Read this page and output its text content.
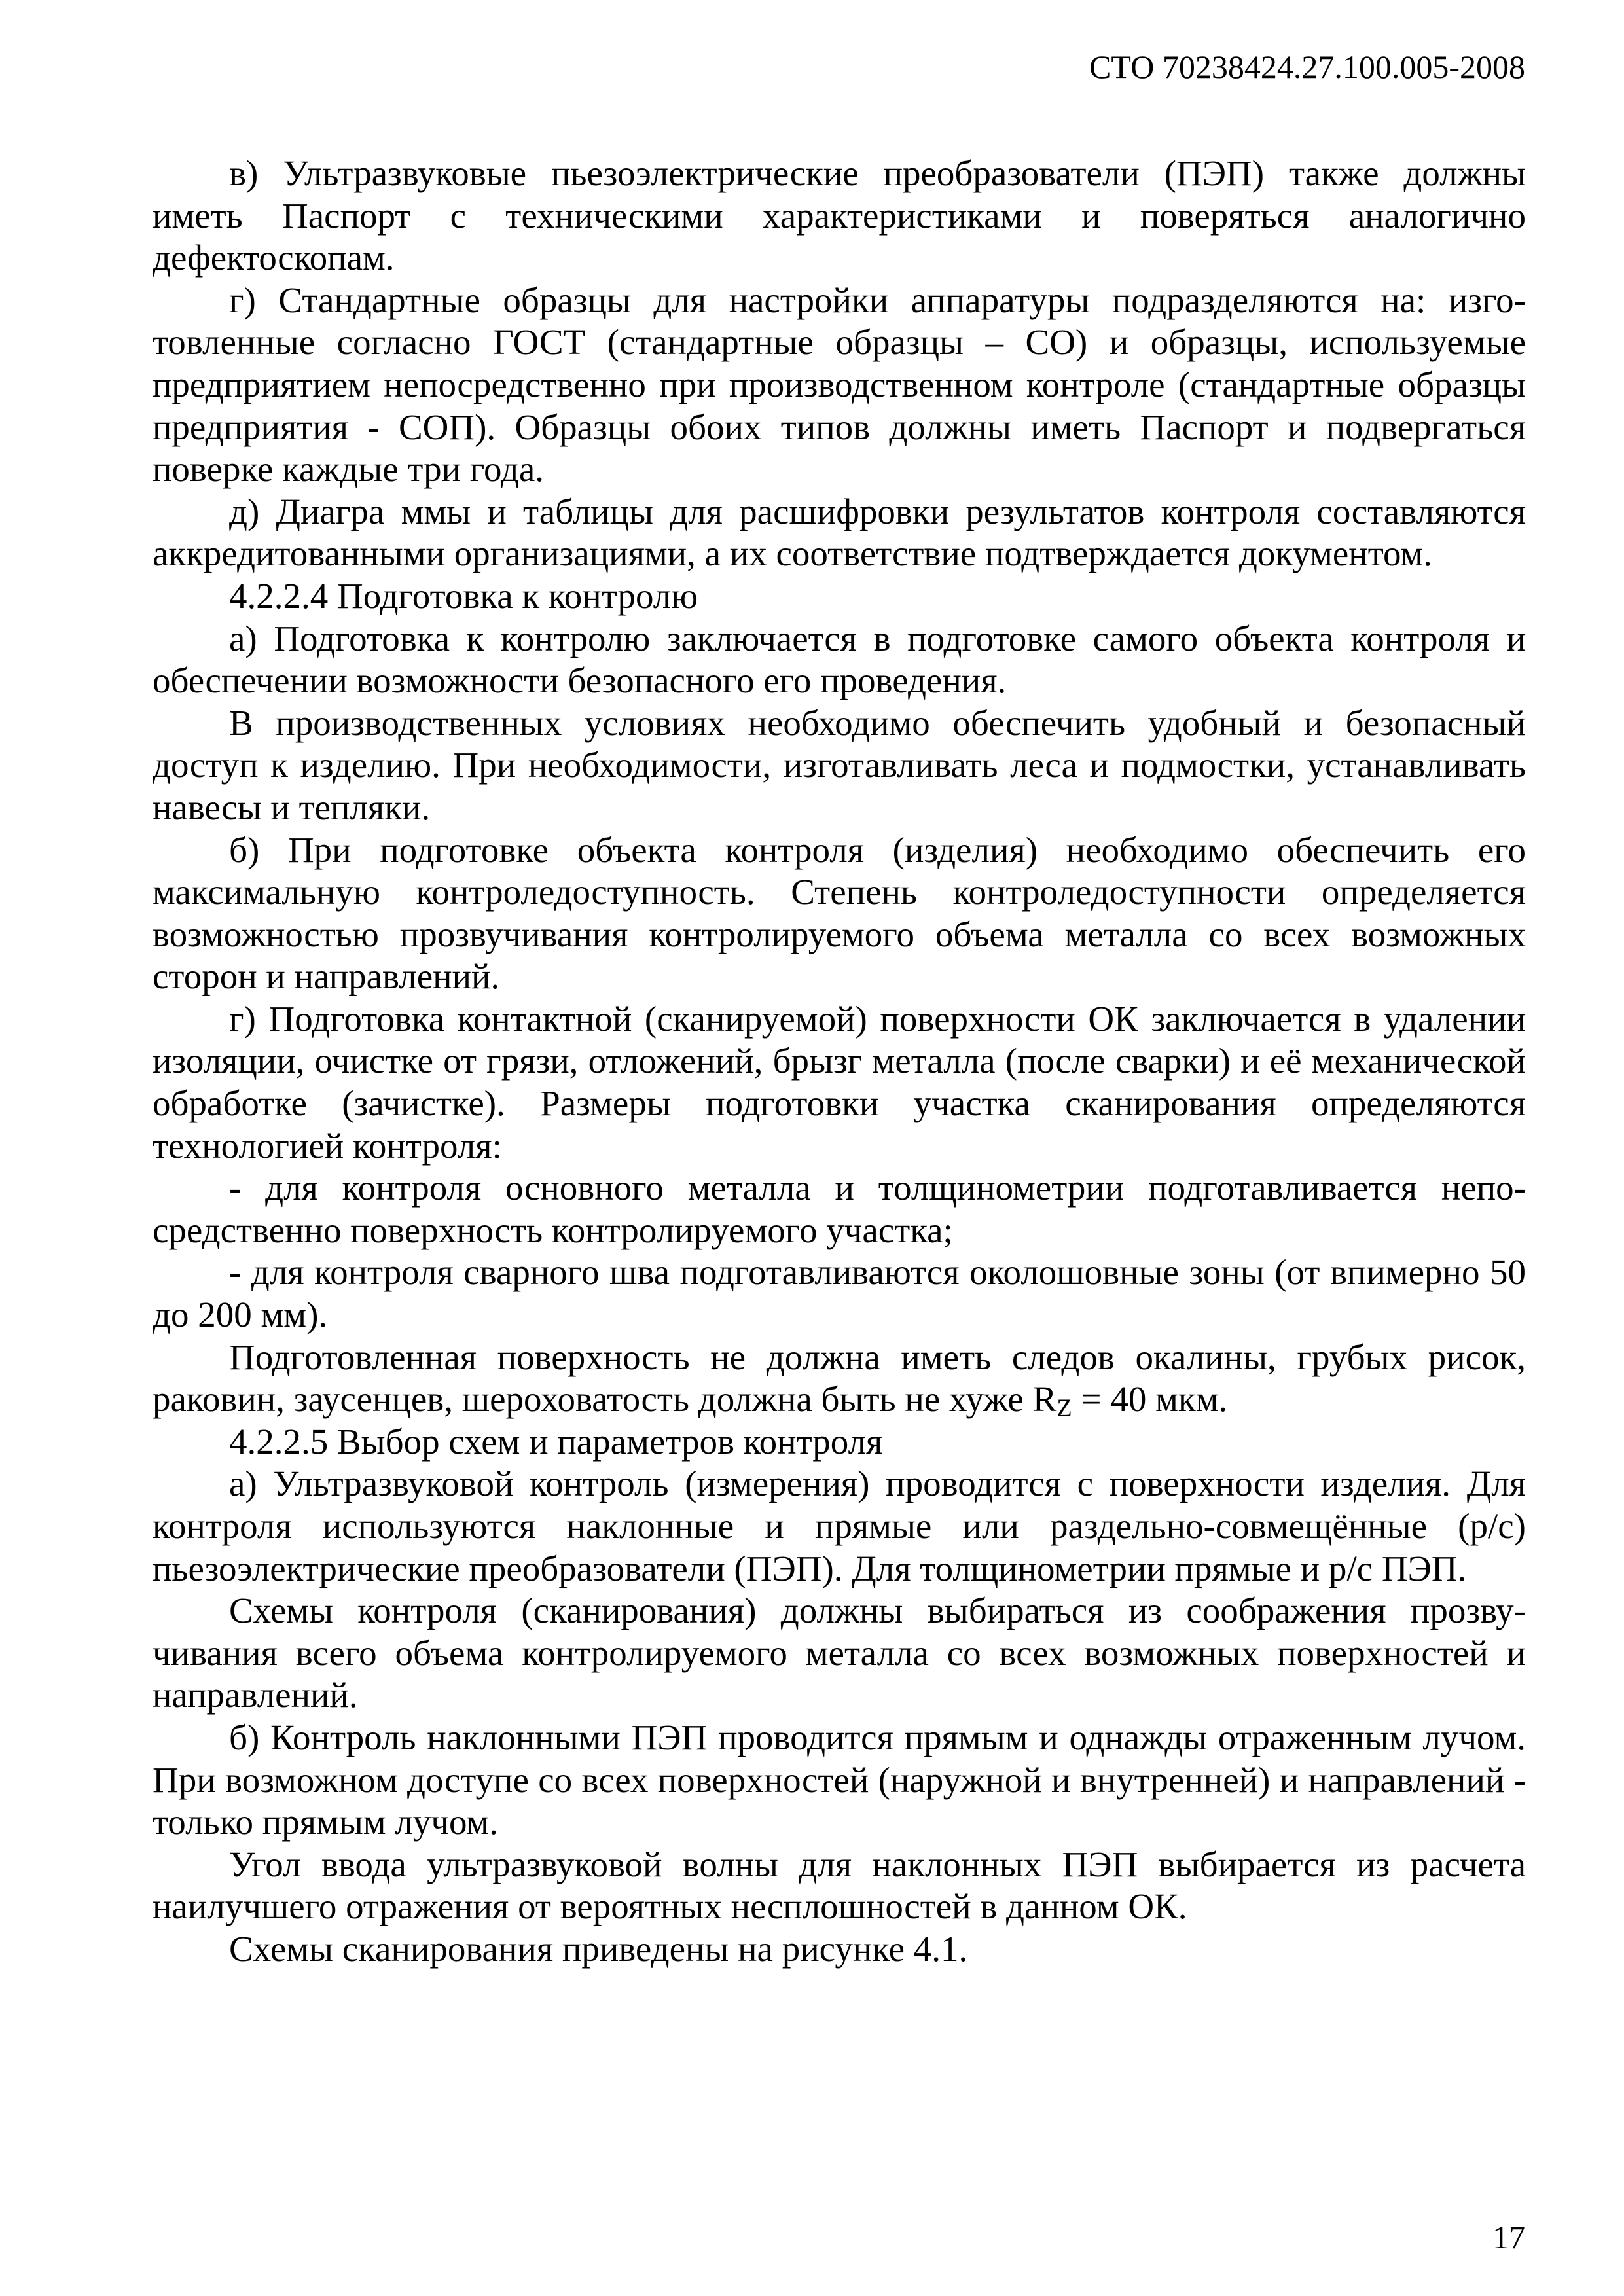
СТО 70238424.27.100.005-2008

в) Ультразвуковые пьезоэлектрические преобразователи (ПЭП) также должны иметь Паспорт с техническими характеристиками и поверяться аналогично дефектоскопам.

г) Стандартные образцы для настройки аппаратуры подразделяются на: изготовленные согласно ГОСТ (стандартные образцы – СО) и образцы, используемые предприятием непосредственно при производственном контроле (стандартные образцы предприятия - СОП). Образцы обоих типов должны иметь Паспорт и подвергаться поверке каждые три года.

д) Диагра ммы и таблицы для расшифровки результатов контроля составляются аккредитованными организациями, а их соответствие подтверждается документом.

4.2.2.4 Подготовка к контролю

а) Подготовка к контролю заключается в подготовке самого объекта контроля и обеспечении возможности безопасного его проведения.

В производственных условиях необходимо обеспечить удобный и безопасный доступ к изделию. При необходимости, изготавливать леса и подмостки, устанавливать навесы и тепляки.

б) При подготовке объекта контроля (изделия) необходимо обеспечить его максимальную контроледоступность. Степень контроледоступности определяется возможностью прозвучивания контролируемого объема металла со всех возможных сторон и направлений.

г) Подготовка контактной (сканируемой) поверхности ОК заключается в удалении изоляции, очистке от грязи, отложений, брызг металла (после сварки) и её механической обработке (зачистке). Размеры подготовки участка сканирования определяются технологией контроля:

- для контроля основного металла и толщинометрии подготавливается непосредственно поверхность контролируемого участка;

- для контроля сварного шва подготавливаются околошовные зоны (от впимерно 50 до 200 мм).

Подготовленная поверхность не должна иметь следов окалины, грубых рисок, раковин, заусенцев, шероховатость должна быть не хуже $R_Z = 40$ мкм.

4.2.2.5 Выбор схем и параметров контроля

а) Ультразвуковой контроль (измерения) проводится с поверхности изделия. Для контроля используются наклонные и прямые или раздельно-совмещённые (р/с) пьезоэлектрические преобразователи (ПЭП). Для толщинометрии прямые и р/с ПЭП.

Схемы контроля (сканирования) должны выбираться из соображения прозвучивания всего объема контролируемого металла со всех возможных поверхностей и направлений.

б) Контроль наклонными ПЭП проводится прямым и однажды отраженным лучом. При возможном доступе со всех поверхностей (наружной и внутренней) и направлений - только прямым лучом.

Угол ввода ультразвуковой волны для наклонных ПЭП выбирается из расчета наилучшего отражения от вероятных несплошностей в данном ОК.

Схемы сканирования приведены на рисунке 4.1.

17
